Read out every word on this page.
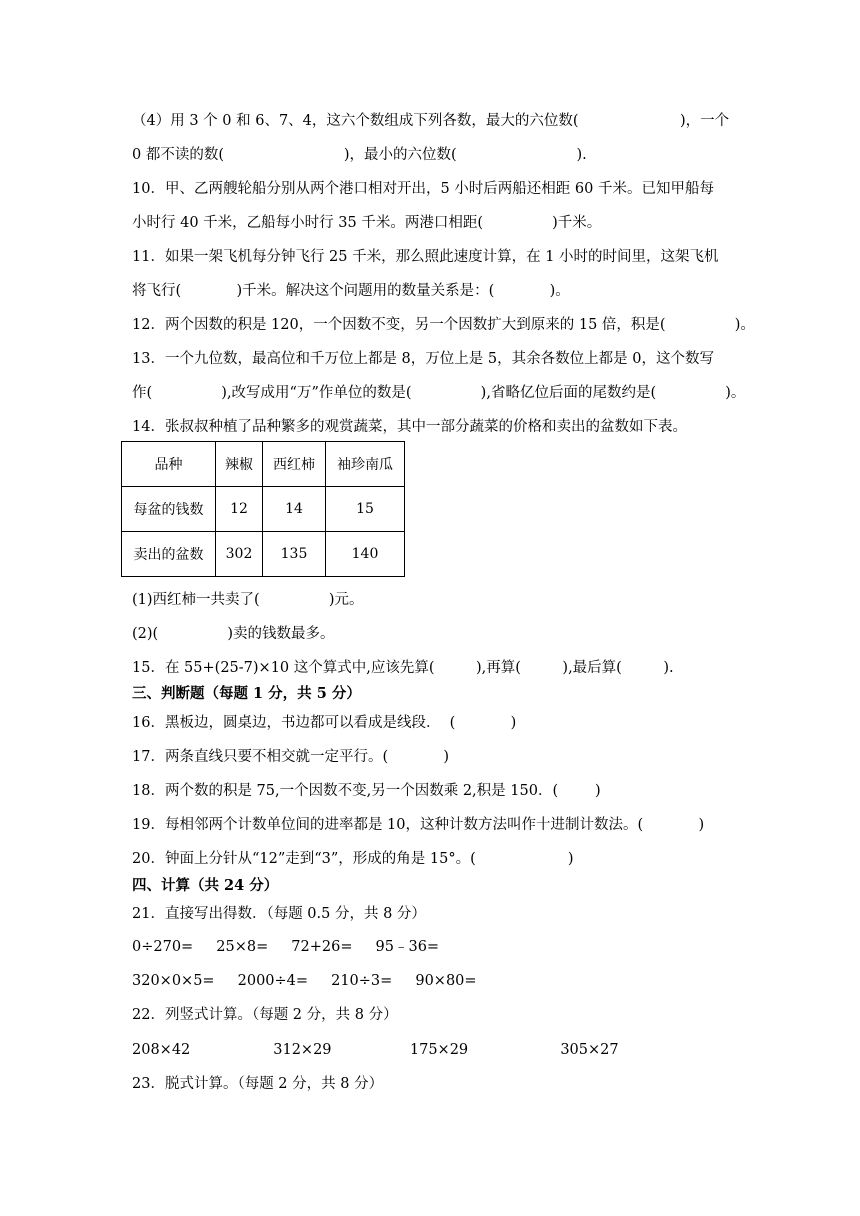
（4）用 3 个 0 和 6、7、4，这六个数组成下列各数，最大的六位数(                      )，一个
0 都不读的数(                          )，最小的六位数(                          ).
10．甲、乙两艘轮船分别从两个港口相对开出，5 小时后两船还相距 60 千米。已知甲船每
小时行 40 千米，乙船每小时行 35 千米。两港口相距(               )千米。
11．如果一架飞机每分钟飞行 25 千米，那么照此速度计算，在 1 小时的时间里，这架飞机
将飞行(            )千米。解决这个问题用的数量关系是：(            )。
12．两个因数的积是 120，一个因数不变，另一个因数扩大到原来的 15 倍，积是(               )。
13．一个九位数，最高位和千万位上都是 8，万位上是 5，其余各数位上都是 0，这个数写
作(               ),改写成用“万”作单位的数是(               ),省略亿位后面的尾数约是(               )。
14．张叔叔种植了品种繁多的观赏蔬菜，其中一部分蔬菜的价格和卖出的盆数如下表。
品种	辣椒	西红柿	袖珍南瓜
每盆的钱数	12	14	15
卖出的盆数	302	135	140
(1)西红柿一共卖了(               )元。
(2)(               )卖的钱数最多。
15．在 55+(25-7)×10 这个算式中,应该先算(         ),再算(         ),最后算(         ).
三、判断题（每题 1 分，共 5 分）
16．黑板边，圆桌边，书边都可以看成是线段．  (            )
17．两条直线只要不相交就一定平行。(            )
18．两个数的积是 75,一个因数不变,另一个因数乘 2,积是 150．(        )
19．每相邻两个计数单位间的进率都是 10，这种计数方法叫作十进制计数法。(            )
20．钟面上分针从“12”走到“3”，形成的角是 15°。(                    )
四、计算（共 24 分）
21．直接写出得数．（每题 0.5 分，共 8 分）
0÷270=     25×8=     72+26=     95﹣36=
320×0×5=     2000÷4=     210÷3=     90×80=
22．列竖式计算。（每题 2 分，共 8 分）
208×42                  312×29                 175×29                    305×27
23．脱式计算。（每题 2 分，共 8 分）
